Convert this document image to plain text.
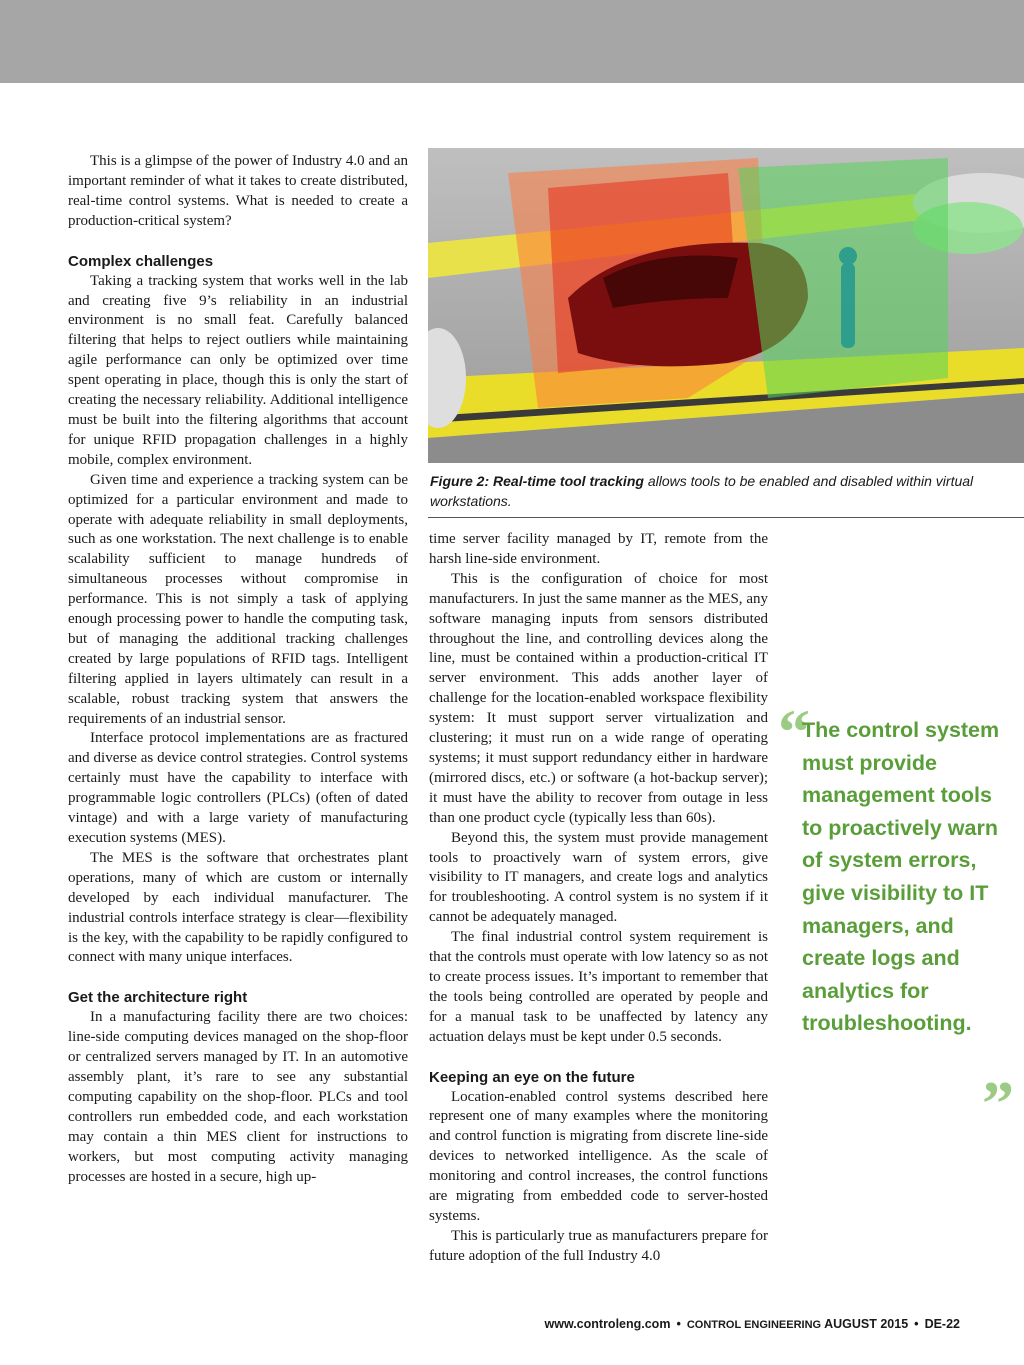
This is a glimpse of the power of Industry 4.0 and an important reminder of what it takes to create distributed, real-time control systems. What is needed to create a production-critical system?

Complex challenges

Taking a tracking system that works well in the lab and creating five 9’s reliability in an industrial environment is no small feat. Carefully balanced filtering that helps to reject outliers while maintaining agile performance can only be optimized over time spent operating in place, though this is only the start of creating the necessary reliability. Additional intelligence must be built into the filtering algorithms that account for unique RFID propagation challenges in a highly mobile, complex environment.

Given time and experience a tracking system can be optimized for a particular environment and made to operate with adequate reliability in small deployments, such as one workstation. The next challenge is to enable scalability sufficient to manage hundreds of simultaneous processes without compromise in performance. This is not simply a task of applying enough processing power to handle the computing task, but of managing the additional tracking challenges created by large populations of RFID tags. Intelligent filtering applied in layers ultimately can result in a scalable, robust tracking system that answers the requirements of an industrial sensor.

Interface protocol implementations are as fractured and diverse as device control strategies. Control systems certainly must have the capability to interface with programmable logic controllers (PLCs) (often of dated vintage) and with a large variety of manufacturing execution systems (MES).

The MES is the software that orchestrates plant operations, many of which are custom or internally developed by each individual manufacturer. The industrial controls interface strategy is clear—flexibility is the key, with the capability to be rapidly configured to connect with many unique interfaces.

Get the architecture right

In a manufacturing facility there are two choices: line-side computing devices managed on the shop-floor or centralized servers managed by IT. In an automotive assembly plant, it’s rare to see any substantial computing capability on the shop-floor. PLCs and tool controllers run embedded code, and each workstation may contain a thin MES client for instructions to workers, but most computing activity managing processes are hosted in a secure, high up-

Figure 2: Real-time tool tracking allows tools to be enabled and disabled within virtual workstations.

time server facility managed by IT, remote from the harsh line-side environment.

This is the configuration of choice for most manufacturers. In just the same manner as the MES, any software managing inputs from sensors distributed throughout the line, and controlling devices along the line, must be contained within a production-critical IT server environment. This adds another layer of challenge for the location-enabled workspace flexibility system: It must support server virtualization and clustering; it must run on a wide range of operating systems; it must support redundancy either in hardware (mirrored discs, etc.) or software (a hot-backup server); it must have the ability to recover from outage in less than one product cycle (typically less than 60s).

Beyond this, the system must provide management tools to proactively warn of system errors, give visibility to IT managers, and create logs and analytics for troubleshooting. A control system is no system if it cannot be adequately managed.

The final industrial control system requirement is that the controls must operate with low latency so as not to create process issues. It’s important to remember that the tools being controlled are operated by people and for a manual task to be unaffected by latency any actuation delays must be kept under 0.5 seconds.

Keeping an eye on the future

Location-enabled control systems described here represent one of many examples where the monitoring and control function is migrating from discrete line-side devices to networked intelligence. As the scale of monitoring and control increases, the control functions are migrating from embedded code to server-hosted systems.

This is particularly true as manufacturers prepare for future adoption of the full Industry 4.0

“
The control system must provide management tools to proactively warn of system errors, give visibility to IT managers, and create logs and analytics for troubleshooting.
”
www.controleng.com • CONTROL ENGINEERING AUGUST 2015 • DE-22
